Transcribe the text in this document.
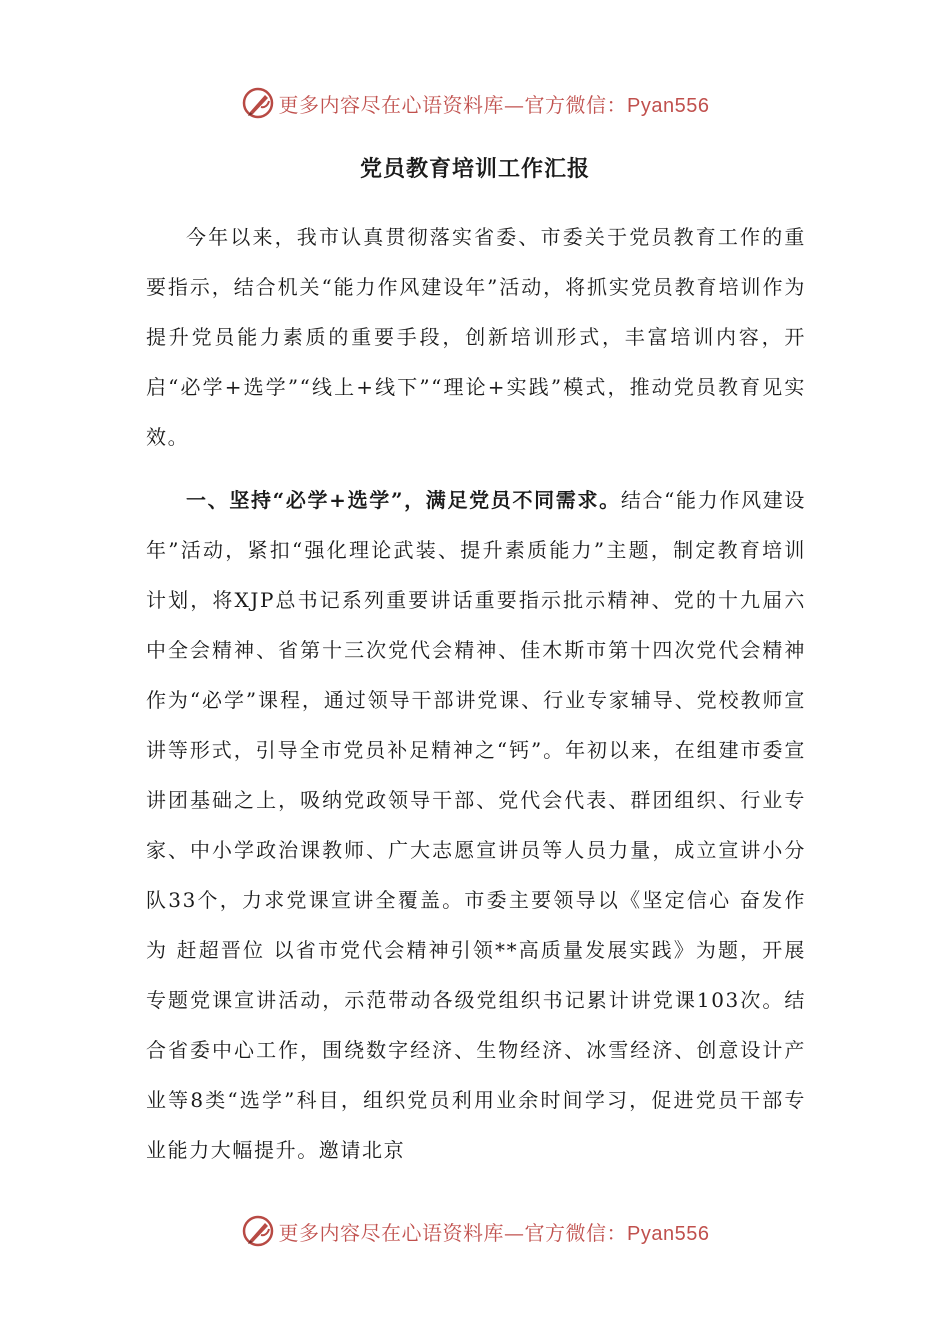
更多内容尽在心语资料库—官方微信：Pyan556
党员教育培训工作汇报

今年以来，我市认真贯彻落实省委、市委关于党员教育工作的重要指示，结合机关“能力作风建设年”活动，将抓实党员教育培训作为提升党员能力素质的重要手段，创新培训形式，丰富培训内容，开启“必学+选学”“线上+线下”“理论+实践”模式，推动党员教育见实效。

一、坚持“必学+选学”，满足党员不同需求。结合“能力作风建设年”活动，紧扣“强化理论武装、提升素质能力”主题，制定教育培训计划，将XJP总书记系列重要讲话重要指示批示精神、党的十九届六中全会精神、省第十三次党代会精神、佳木斯市第十四次党代会精神作为“必学”课程，通过领导干部讲党课、行业专家辅导、党校教师宣讲等形式，引导全市党员补足精神之“钙”。年初以来，在组建市委宣讲团基础之上，吸纳党政领导干部、党代会代表、群团组织、行业专家、中小学政治课教师、广大志愿宣讲员等人员力量，成立宣讲小分队33个，力求党课宣讲全覆盖。市委主要领导以《坚定信心 奋发作为 赶超晋位 以省市党代会精神引领**高质量发展实践》为题，开展专题党课宣讲活动，示范带动各级党组织书记累计讲党课103次。结合省委中心工作，围绕数字经济、生物经济、冰雪经济、创意设计产业等8类“选学”科目，组织党员利用业余时间学习，促进党员干部专业能力大幅提升。邀请北京

更多内容尽在心语资料库—官方微信：Pyan556
